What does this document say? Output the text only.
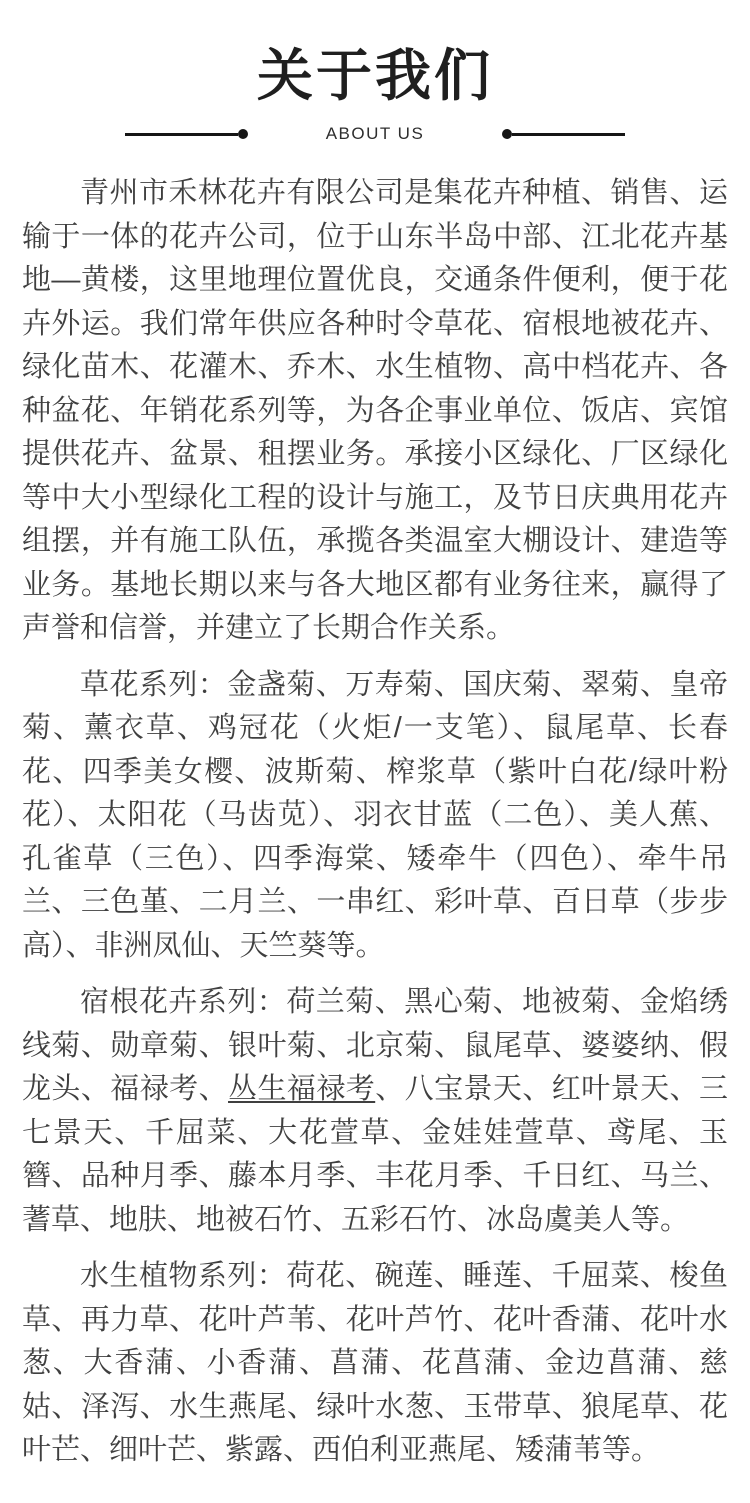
关于我们
ABOUT US

青州市禾林花卉有限公司是集花卉种植、销售、运输于一体的花卉公司，位于山东半岛中部、江北花卉基地—黄楼，这里地理位置优良，交通条件便利，便于花卉外运。我们常年供应各种时令草花、宿根地被花卉、绿化苗木、花灌木、乔木、水生植物、高中档花卉、各种盆花、年销花系列等，为各企事业单位、饭店、宾馆提供花卉、盆景、租摆业务。承接小区绿化、厂区绿化等中大小型绿化工程的设计与施工，及节日庆典用花卉组摆，并有施工队伍，承揽各类温室大棚设计、建造等业务。基地长期以来与各大地区都有业务往来，赢得了声誉和信誉，并建立了长期合作关系。

草花系列：金盏菊、万寿菊、国庆菊、翠菊、皇帝菊、薰衣草、鸡冠花（火炬/一支笔）、鼠尾草、长春花、四季美女樱、波斯菊、榨浆草（紫叶白花/绿叶粉花）、太阳花（马齿苋）、羽衣甘蓝（二色）、美人蕉、孔雀草（三色）、四季海棠、矮牵牛（四色）、牵牛吊兰、三色堇、二月兰、一串红、彩叶草、百日草（步步高）、非洲凤仙、天竺葵等。

宿根花卉系列：荷兰菊、黑心菊、地被菊、金焰绣线菊、勋章菊、银叶菊、北京菊、鼠尾草、婆婆纳、假龙头、福禄考、丛生福禄考、八宝景天、红叶景天、三七景天、千屈菜、大花萱草、金娃娃萱草、鸢尾、玉簪、品种月季、藤本月季、丰花月季、千日红、马兰、蓍草、地肤、地被石竹、五彩石竹、冰岛虞美人等。

水生植物系列：荷花、碗莲、睡莲、千屈菜、梭鱼草、再力草、花叶芦苇、花叶芦竹、花叶香蒲、花叶水葱、大香蒲、小香蒲、菖蒲、花菖蒲、金边菖蒲、慈姑、泽泻、水生燕尾、绿叶水葱、玉带草、狼尾草、花叶芒、细叶芒、紫露、西伯利亚燕尾、矮蒲苇等。
